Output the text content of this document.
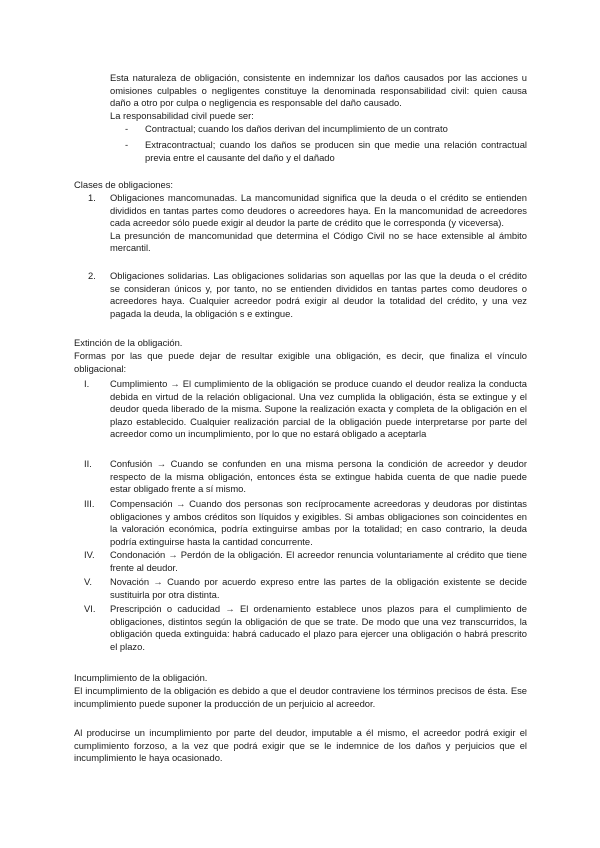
Esta naturaleza de obligación, consistente en indemnizar los daños causados por las acciones u omisiones culpables o negligentes constituye la denominada responsabilidad civil: quien causa daño a otro por culpa o negligencia es responsable del daño causado.

La responsabilidad civil puede ser:

-	Contractual; cuando los daños derivan del incumplimiento de un contrato
-	Extracontractual; cuando los daños se producen sin que medie una relación contractual previa entre el causante del daño y el dañado

Clases de obligaciones:

1.	Obligaciones mancomunadas. La mancomunidad significa que la deuda o el crédito se entienden divididos en tantas partes como deudores o acreedores haya. En la mancomunidad de acreedores cada acreedor sólo puede exigir al deudor la parte de crédito que le corresponda (y viceversa).
La presunción de mancomunidad que determina el Código Civil no se hace extensible al ámbito mercantil.
2.	Obligaciones solidarias. Las obligaciones solidarias son aquellas por las que la deuda o el crédito se consideran únicos y, por tanto, no se entienden divididos en tantas partes como deudores o acreedores haya. Cualquier acreedor podrá exigir al deudor la totalidad del crédito, y una vez pagada la deuda, la obligación s e extingue.

Extinción de la obligación.

Formas por las que puede dejar de resultar exigible una obligación, es decir, que finaliza el vínculo obligacional:

I.	Cumplimiento → El cumplimiento de la obligación se produce cuando el deudor realiza la conducta debida en virtud de la relación obligacional. Una vez cumplida la obligación, ésta se extingue y el deudor queda liberado de la misma. Supone la realización exacta y completa de la obligación en el plazo establecido. Cualquier realización parcial de la obligación puede interpretarse por parte del acreedor como un incumplimiento, por lo que no estará obligado a aceptarla
II.	Confusión → Cuando se confunden en una misma persona la condición de acreedor y deudor respecto de la misma obligación, entonces ésta se extingue habida cuenta de que nadie puede estar obligado frente a sí mismo.
III.	Compensación → Cuando dos personas son recíprocamente acreedoras y deudoras por distintas obligaciones y ambos créditos son líquidos y exigibles. Si ambas obligaciones son coincidentes en la valoración económica, podría extinguirse ambas por la totalidad; en caso contrario, la deuda podría extinguirse hasta la cantidad concurrente.
IV.	Condonación → Perdón de la obligación. El acreedor renuncia voluntariamente al crédito que tiene frente al deudor.
V.	Novación → Cuando por acuerdo expreso entre las partes de la obligación existente se decide sustituirla por otra distinta.
VI.	Prescripción o caducidad → El ordenamiento establece unos plazos para el cumplimiento de obligaciones, distintos según la obligación de que se trate. De modo que una vez transcurridos, la obligación queda extinguida: habrá caducado el plazo para ejercer una obligación o habrá prescrito el plazo.

Incumplimiento de la obligación.

El incumplimiento de la obligación es debido a que el deudor contraviene los términos precisos de ésta. Ese incumplimiento puede suponer la producción de un perjuicio al acreedor.

Al producirse un incumplimiento por parte del deudor, imputable a él mismo, el acreedor podrá exigir el cumplimiento forzoso, a la vez que podrá exigir que se le indemnice de los daños y perjuicios que el incumplimiento le haya ocasionado.
